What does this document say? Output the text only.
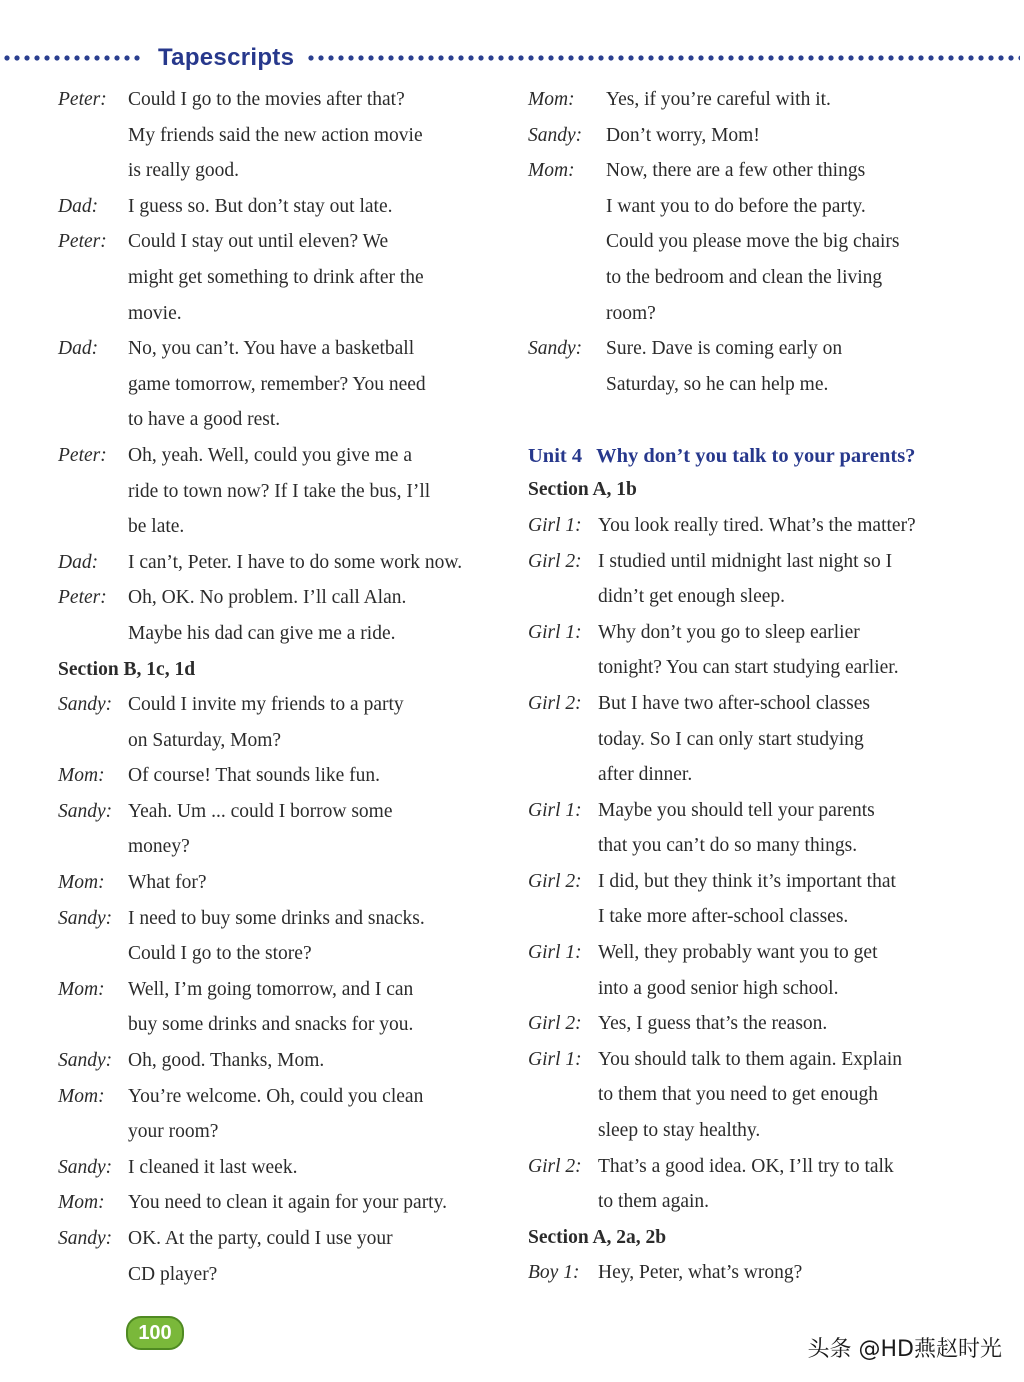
Tapescripts
Peter:	Could I go to the movies after that?
My friends said the new action movie
is really good.
Dad:	I guess so. But don’t stay out late.
Peter:	Could I stay out until eleven? We
might get something to drink after the
movie.
Dad:	No, you can’t. You have a basketball
game tomorrow, remember? You need
to have a good rest.
Peter:	Oh, yeah. Well, could you give me a
ride to town now? If I take the bus, I’ll
be late.
Dad:	I can’t, Peter. I have to do some work now.
Peter:	Oh, OK. No problem. I’ll call Alan.
Maybe his dad can give me a ride.
Section B, 1c, 1d
Sandy: Could I invite my friends to a party
on Saturday, Mom?
Mom:	Of course! That sounds like fun.
Sandy: Yeah. Um ... could I borrow some
money?
Mom:	What for?
Sandy: I need to buy some drinks and snacks.
Could I go to the store?
Mom:	Well, I’m going tomorrow, and I can
buy some drinks and snacks for you.
Sandy: Oh, good. Thanks, Mom.
Mom:	You’re welcome. Oh, could you clean
your room?
Sandy: I cleaned it last week.
Mom:	You need to clean it again for your party.
Sandy: OK. At the party, could I use your
CD player?
Mom:	Yes, if you’re careful with it.
Sandy:	Don’t worry, Mom!
Mom:	Now, there are a few other things
I want you to do before the party.
Could you please move the big chairs
to the bedroom and clean the living
room?
Sandy:	Sure. Dave is coming early on
Saturday, so he can help me.
Unit 4 Why don’t you talk to your parents?
Section A, 1b
Girl 1: You look really tired. What’s the matter?
Girl 2: I studied until midnight last night so I
didn’t get enough sleep.
Girl 1: Why don’t you go to sleep earlier
tonight? You can start studying earlier.
Girl 2: But I have two after-school classes
today. So I can only start studying
after dinner.
Girl 1: Maybe you should tell your parents
that you can’t do so many things.
Girl 2: I did, but they think it’s important that
I take more after-school classes.
Girl 1: Well, they probably want you to get
into a good senior high school.
Girl 2: Yes, I guess that’s the reason.
Girl 1: You should talk to them again. Explain
to them that you need to get enough
sleep to stay healthy.
Girl 2: That’s a good idea. OK, I’ll try to talk
to them again.
Section A, 2a, 2b
Boy 1: Hey, Peter, what’s wrong?
100
头条 @HD燕赵时光
